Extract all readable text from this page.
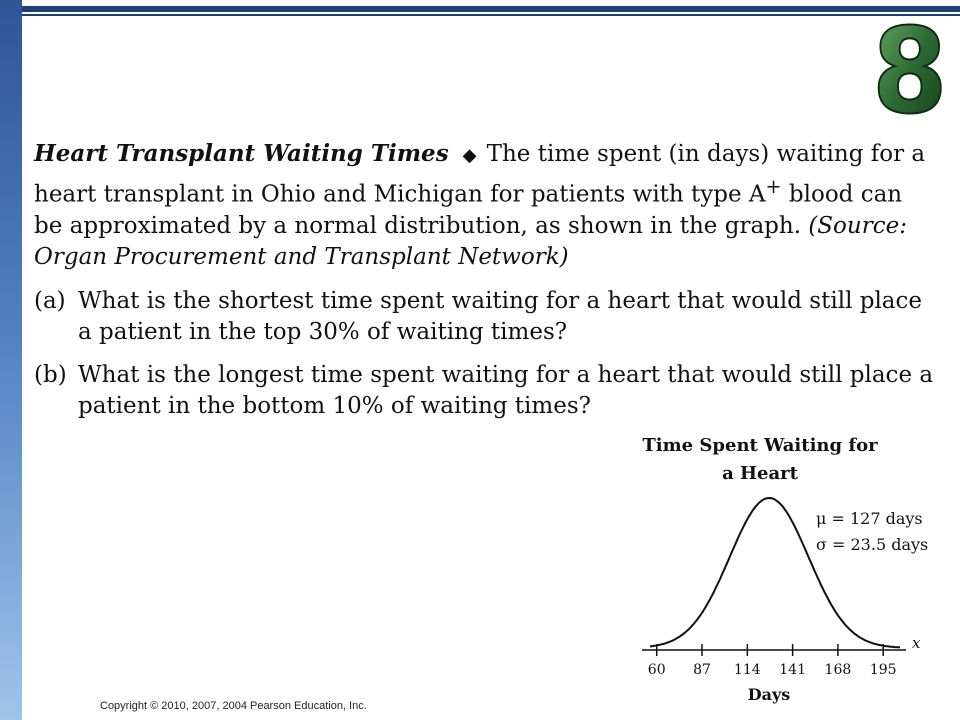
8

Heart Transplant Waiting Times ◆ The time spent (in days) waiting for a heart transplant in Ohio and Michigan for patients with type A+ blood can be approximated by a normal distribution, as shown in the graph. (Source: Organ Procurement and Transplant Network)

(a) What is the shortest time spent waiting for a heart that would still place a patient in the top 30% of waiting times?
(b) What is the longest time spent waiting for a heart that would still place a patient in the bottom 10% of waiting times?
Time Spent Waiting for
a Heart
60 87 114 141 168 195
x
μ = 127 days
σ = 23.5 days
Days
Copyright © 2010, 2007, 2004 Pearson Education, Inc.
